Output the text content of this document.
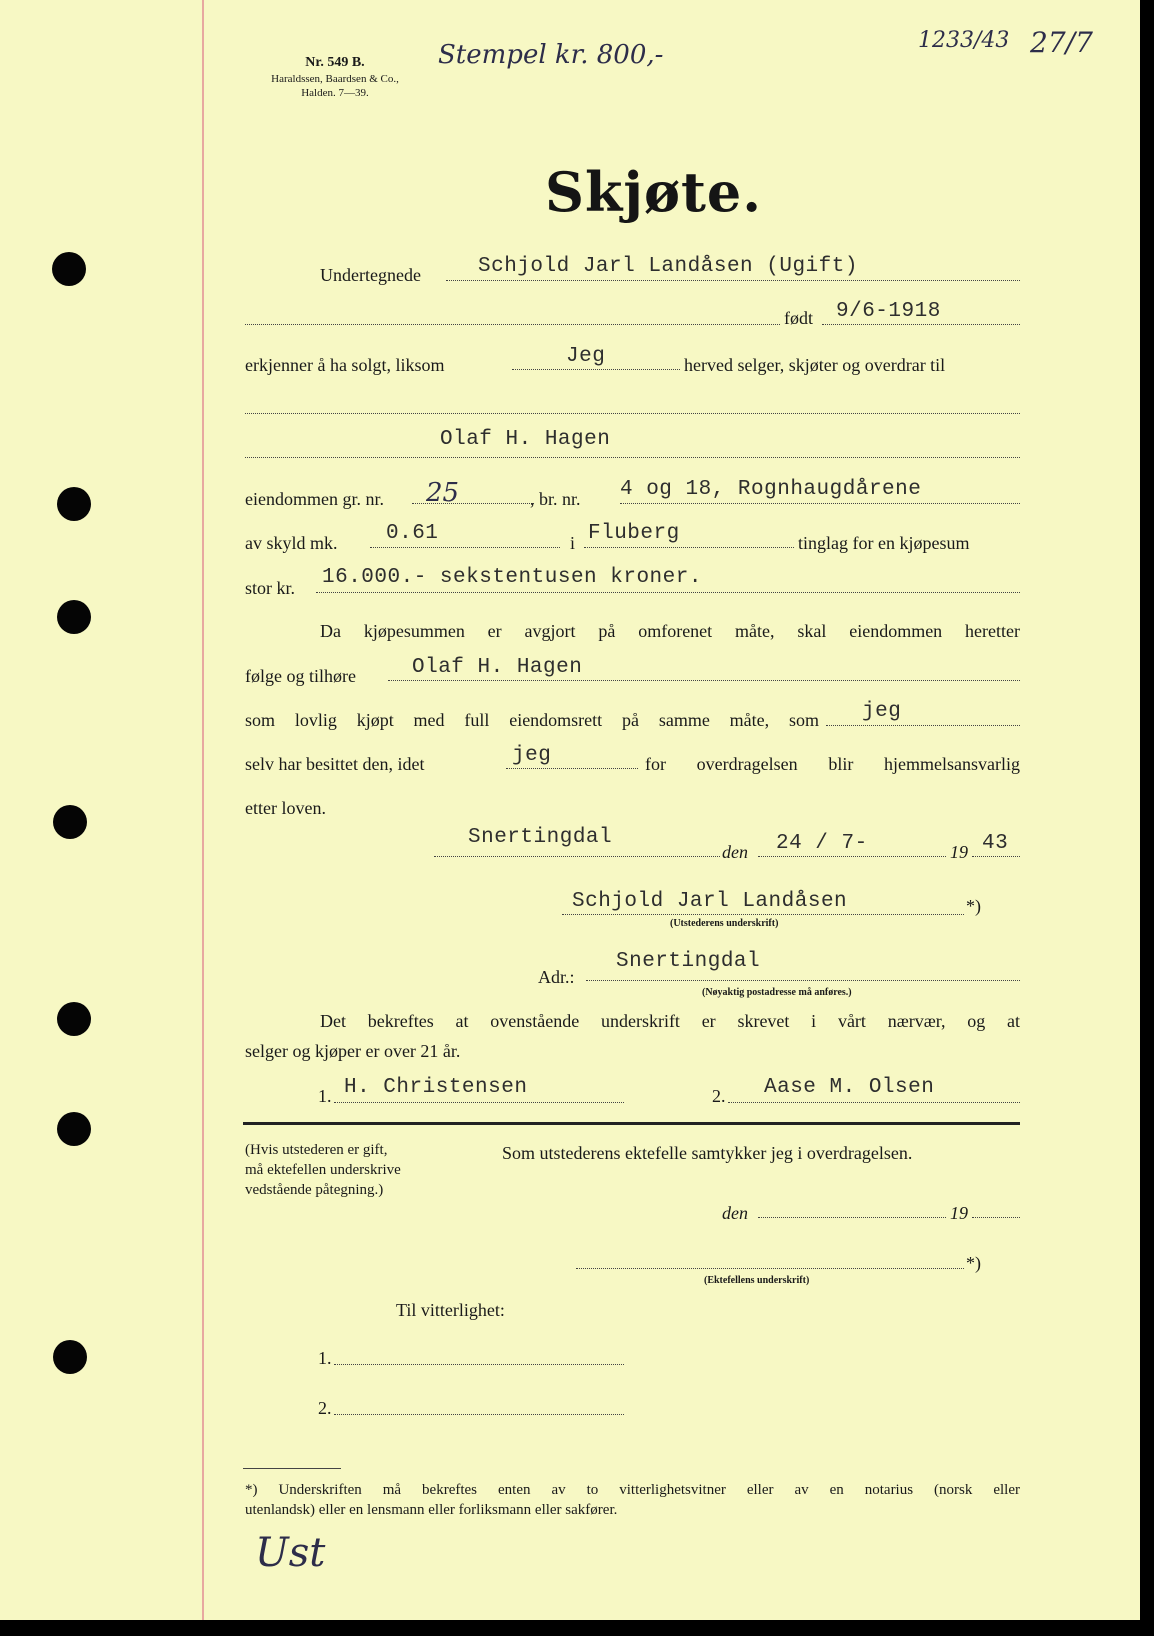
Nr. 549 B.
Haraldssen, Baardsen & Co.,
Halden. 7—39.
Stempel kr. 800,-	1233/43 27/7
Skjøte.
Undertegnede	Schjold Jarl Landåsen (Ugift)
født 9/6-1918
erkjenner å ha solgt, liksom	Jeg	herved selger, skjøter og overdrar til
Olaf H. Hagen
eiendommen gr. nr. 25	, br. nr. 4 og 18, Rognhaugdårene
av skyld mk. 0.61	i Fluberg	tinglag for en kjøpesum
stor kr. 16.000.- sekstentusen kroner.
Da kjøpesummen er avgjort på omforenet måte, skal eiendommen heretter
følge og tilhøre	Olaf H. Hagen
som lovlig kjøpt med full eiendomsrett på samme måte, som jeg
selv har besittet den, idet	jeg	for overdragelsen blir hjemmelsansvarlig
etter loven.
Snertingdal
den 24 / 7-	19 43
Schjold Jarl Landåsen	*)
(Utstederens underskrift)
Adr.:
Snertingdal
(Nøyaktig postadresse må anføres.)
Det bekreftes at ovenstående underskrift er skrevet i vårt nærvær, og at
selger og kjøper er over 21 år.
1. H. Christensen	2. Aase M. Olsen
(Hvis utstederen er gift,
må ektefellen underskrive
vedstående påtegning.)
Som utstederens ektefelle samtykker jeg i overdragelsen.
den	19
*)
(Ektefellens underskrift)
Til vitterlighet:
1.
2.
*) Underskriften må bekreftes enten av to vitterlighetsvitner eller av en notarius (norsk eller
utenlandsk) eller en lensmann eller forliksmann eller sakfører.
Ust
